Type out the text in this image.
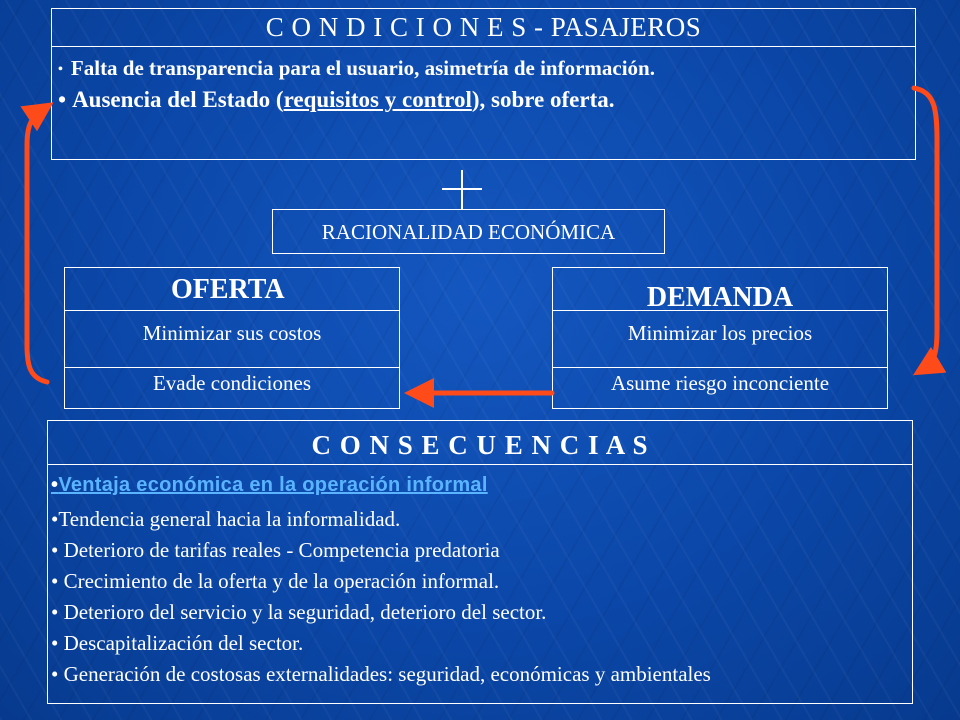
C O N D I C I O N E S - PASAJEROS
• Falta de transparencia para el usuario, asimetría de información.
• Ausencia del Estado (requisitos y control), sobre oferta.
RACIONALIDAD ECONÓMICA
OFERTA
Minimizar sus costos
Evade condiciones
DEMANDA
Minimizar los precios
Asume riesgo inconciente
C O N S E C U E N C I A S
•Ventaja económica en la operación informal
•Tendencia general hacia la informalidad.
• Deterioro de tarifas reales - Competencia predatoria
• Crecimiento de la oferta y de la operación informal.
• Deterioro del servicio y la seguridad, deterioro del sector.
• Descapitalización del sector.
• Generación de costosas externalidades: seguridad, económicas y ambientales
